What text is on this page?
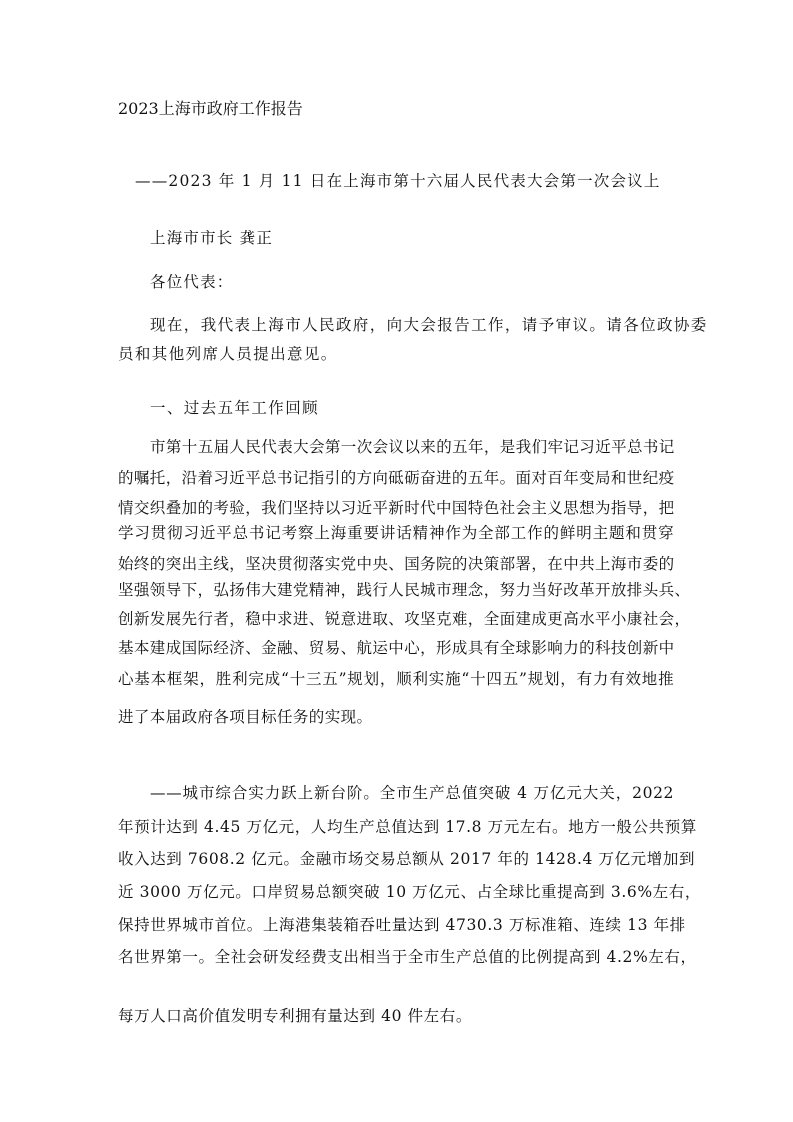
2023上海市政府工作报告

——2023 年 1 月 11 日在上海市第十六届人民代表大会第一次会议上

上海市市长 龚正

各位代表：

现在，我代表上海市人民政府，向大会报告工作，请予审议。请各位政协委

员和其他列席人员提出意见。

一、过去五年工作回顾

市第十五届人民代表大会第一次会议以来的五年，是我们牢记习近平总书记

的嘱托，沿着习近平总书记指引的方向砥砺奋进的五年。面对百年变局和世纪疫

情交织叠加的考验，我们坚持以习近平新时代中国特色社会主义思想为指导，把

学习贯彻习近平总书记考察上海重要讲话精神作为全部工作的鲜明主题和贯穿

始终的突出主线，坚决贯彻落实党中央、国务院的决策部署，在中共上海市委的

坚强领导下，弘扬伟大建党精神，践行人民城市理念，努力当好改革开放排头兵、

创新发展先行者，稳中求进、锐意进取、攻坚克难，全面建成更高水平小康社会，

基本建成国际经济、金融、贸易、航运中心，形成具有全球影响力的科技创新中

心基本框架，胜利完成“十三五”规划，顺利实施“十四五”规划，有力有效地推

进了本届政府各项目标任务的实现。

——城市综合实力跃上新台阶。全市生产总值突破 4 万亿元大关，2022

年预计达到 4.45 万亿元，人均生产总值达到 17.8 万元左右。地方一般公共预算

收入达到 7608.2 亿元。金融市场交易总额从 2017 年的 1428.4 万亿元增加到

近 3000 万亿元。口岸贸易总额突破 10 万亿元、占全球比重提高到 3.6%左右，

保持世界城市首位。上海港集装箱吞吐量达到 4730.3 万标准箱、连续 13 年排

名世界第一。全社会研发经费支出相当于全市生产总值的比例提高到 4.2%左右，

每万人口高价值发明专利拥有量达到 40 件左右。
